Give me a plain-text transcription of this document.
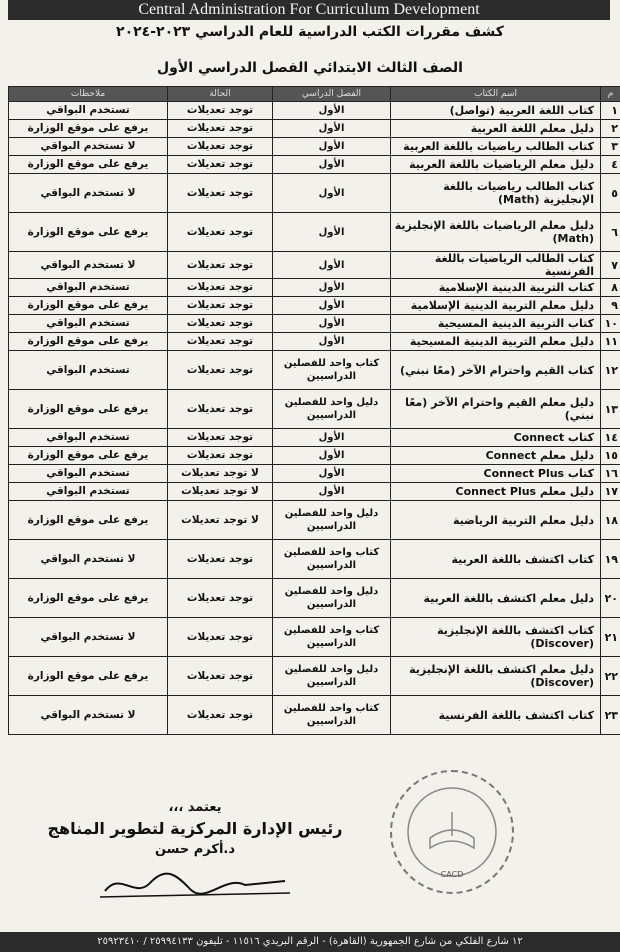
Central Administration For Curriculum Development
كشف مقررات الكتب الدراسية للعام الدراسي ٢٠٢٣-٢٠٢٤
الصف الثالث الابتدائي الفصل الدراسي الأول
م	اسم الكتاب	الفصل الدراسي	الحالة	ملاحظات
١	كتاب اللغة العربية (تواصل)	الأول	توجد تعديلات	تستخدم البواقي
٢	دليل معلم اللغة العربية	الأول	توجد تعديلات	يرفع على موقع الوزارة
٣	كتاب الطالب رياضيات باللغة العربية	الأول	توجد تعديلات	لا تستخدم البواقي
٤	دليل معلم الرياضيات باللغة العربية	الأول	توجد تعديلات	يرفع على موقع الوزارة
٥	كتاب الطالب رياضيات باللغة الإنجليزية (Math)	الأول	توجد تعديلات	لا تستخدم البواقي
٦	دليل معلم الرياضيات باللغة الإنجليزية (Math)	الأول	توجد تعديلات	يرفع على موقع الوزارة
٧	كتاب الطالب الرياضيات باللغة الفرنسية	الأول	توجد تعديلات	لا تستخدم البواقي
٨	كتاب التربية الدينية الإسلامية	الأول	توجد تعديلات	تستخدم البواقي
٩	دليل معلم التربية الدينية الإسلامية	الأول	توجد تعديلات	يرفع على موقع الوزارة
١٠	كتاب التربية الدينية المسيحية	الأول	توجد تعديلات	تستخدم البواقي
١١	دليل معلم التربية الدينية المسيحية	الأول	توجد تعديلات	يرفع على موقع الوزارة
١٢	كتاب القيم واحترام الآخر (معًا نبني)	كتاب واحد للفصلين الدراسيين	توجد تعديلات	تستخدم البواقي
١٣	دليل معلم القيم واحترام الآخر (معًا نبني)	دليل واحد للفصلين الدراسيين	توجد تعديلات	يرفع على موقع الوزارة
١٤	كتاب Connect	الأول	توجد تعديلات	تستخدم البواقي
١٥	دليل معلم Connect	الأول	توجد تعديلات	يرفع على موقع الوزارة
١٦	كتاب Connect Plus	الأول	لا توجد تعديلات	تستخدم البواقي
١٧	دليل معلم Connect Plus	الأول	لا توجد تعديلات	تستخدم البواقي
١٨	دليل معلم التربية الرياضية	دليل واحد للفصلين الدراسيين	لا توجد تعديلات	يرفع على موقع الوزارة
١٩	كتاب اكتشف باللغة العربية	كتاب واحد للفصلين الدراسيين	توجد تعديلات	لا تستخدم البواقي
٢٠	دليل معلم اكتشف باللغة العربية	دليل واحد للفصلين الدراسيين	توجد تعديلات	يرفع على موقع الوزارة
٢١	كتاب اكتشف باللغة الإنجليزية (Discover)	كتاب واحد للفصلين الدراسيين	توجد تعديلات	لا تستخدم البواقي
٢٢	دليل معلم اكتشف باللغة الإنجليزية (Discover)	دليل واحد للفصلين الدراسيين	توجد تعديلات	يرفع على موقع الوزارة
٢٣	كتاب اكتشف باللغة الفرنسية	كتاب واحد للفصلين الدراسيين	توجد تعديلات	لا تستخدم البواقي
يعتمد ،،،
رئيس الإدارة المركزية لتطوير المناهج
د.أكرم حسن
CACD
١٢ شارع الفلكي من شارع الجمهورية (القاهرة) - الرقم البريدي ١١٥١٦ - تليفون ٢٥٩٩٤١٣٣ / ٢٥٩٢٣٤١٠
